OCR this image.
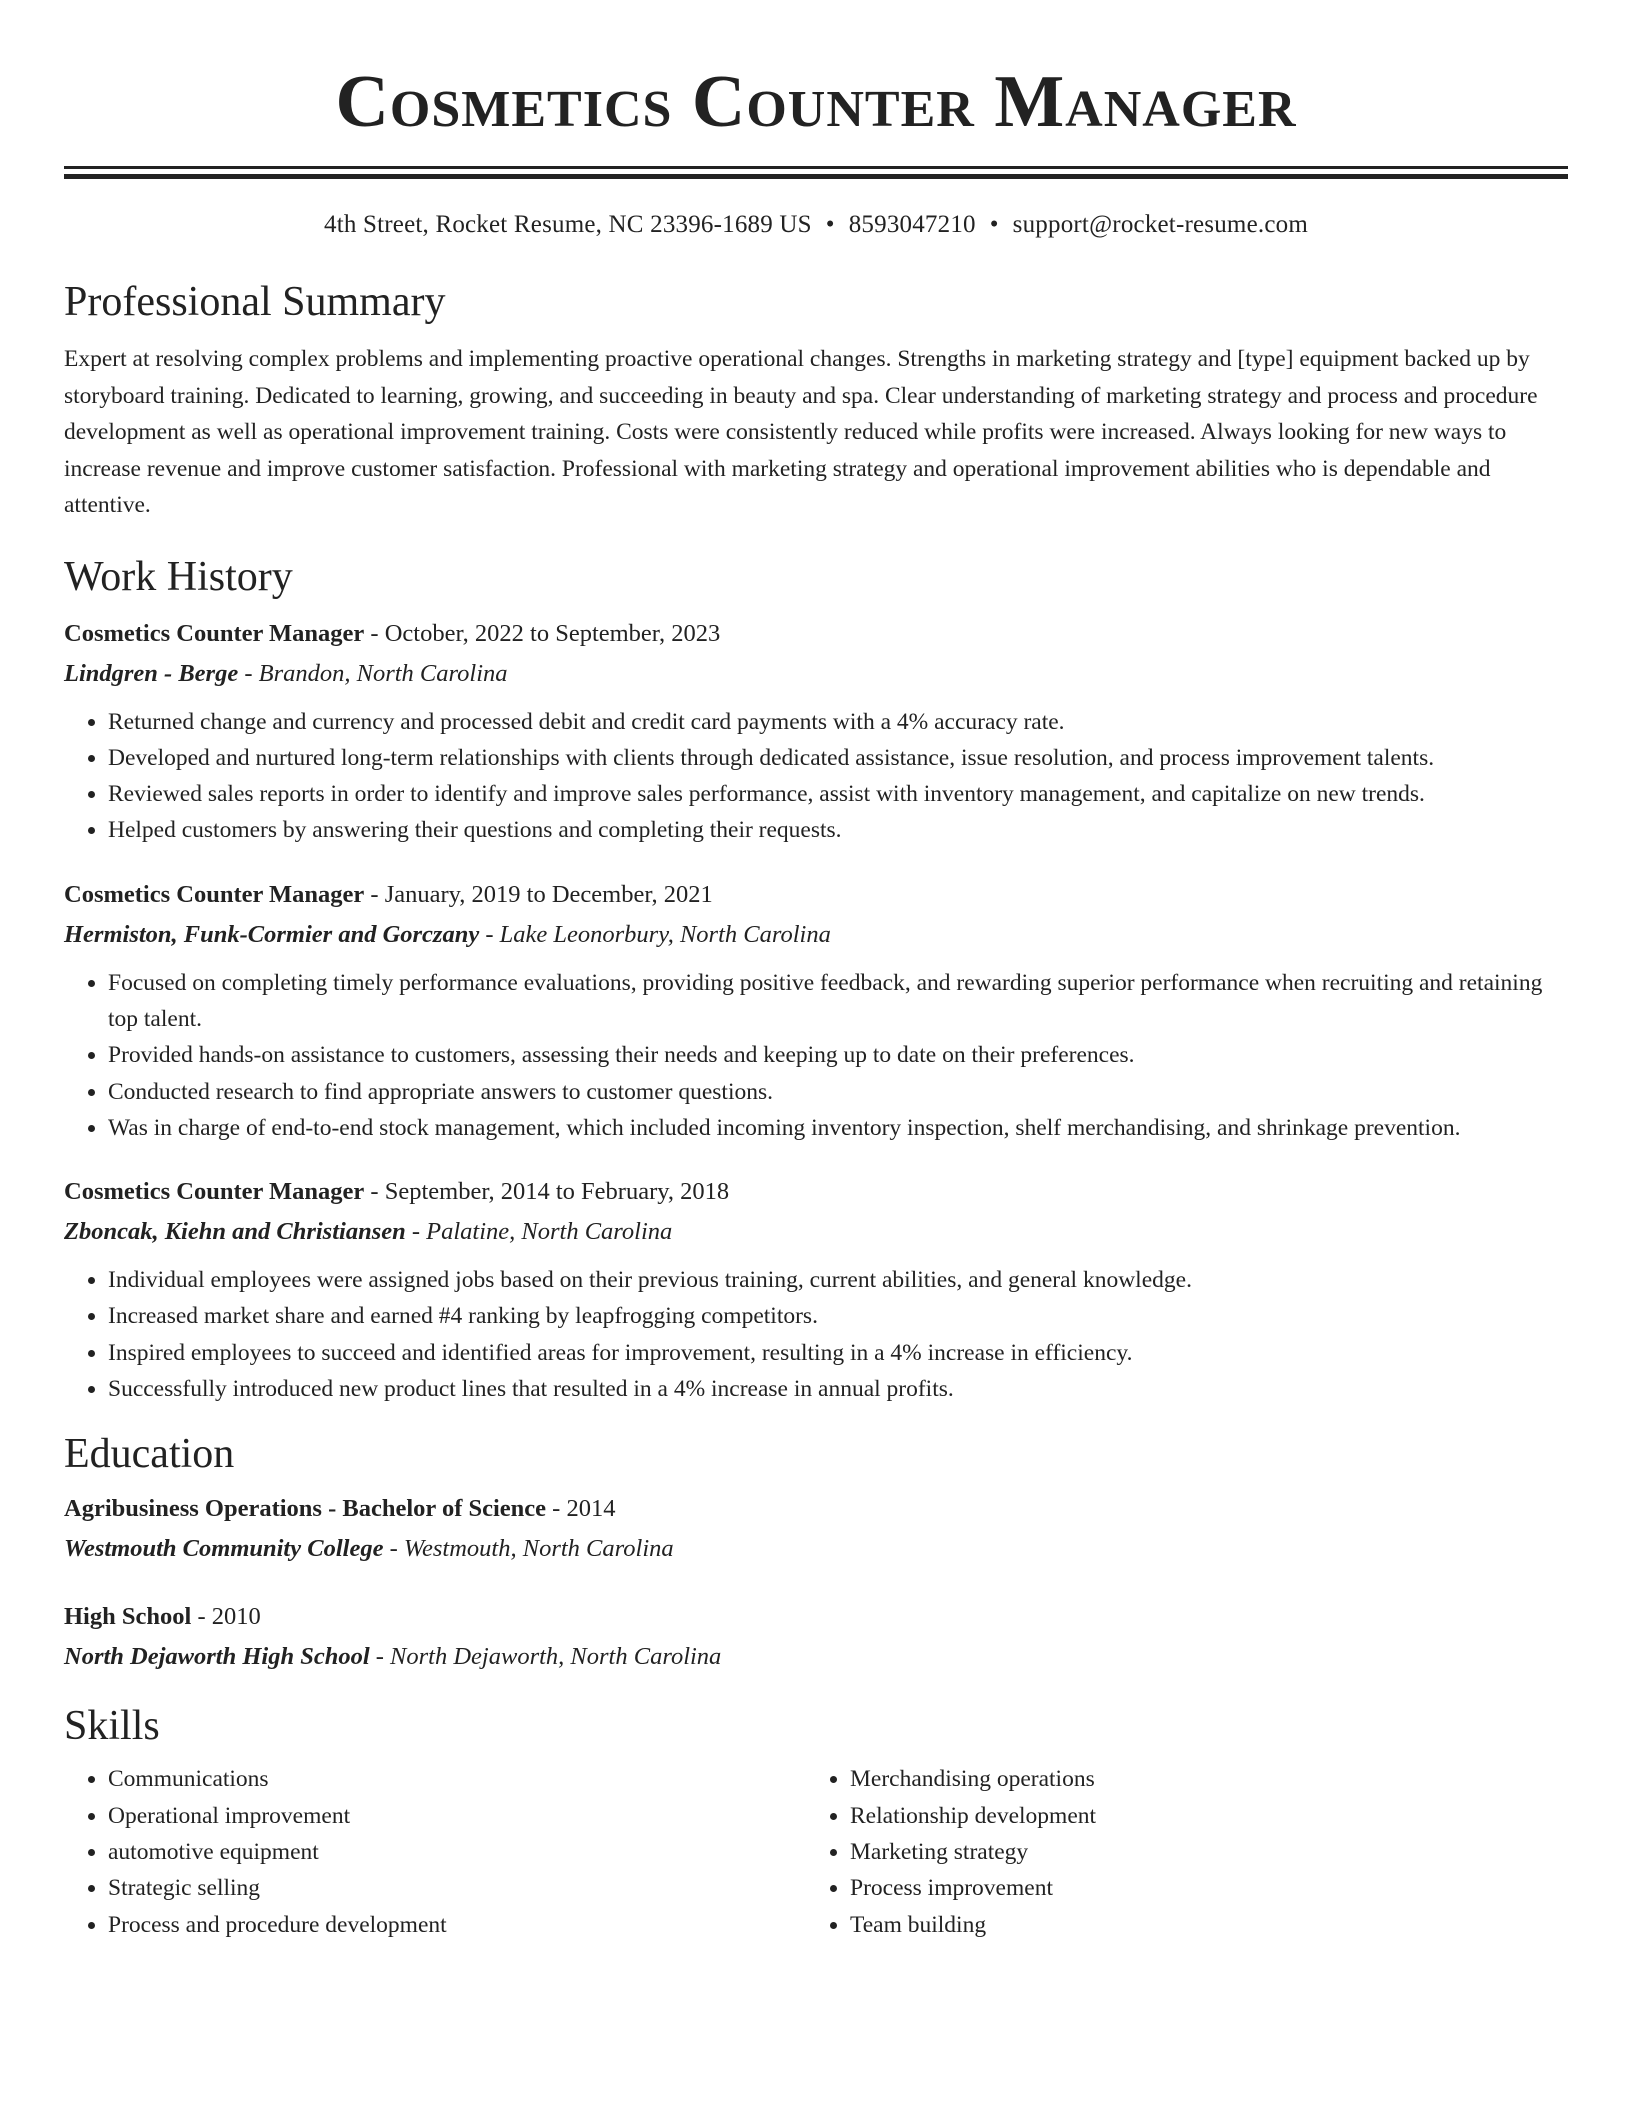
Cosmetics Counter Manager
4th Street, Rocket Resume, NC 23396-1689 US • 8593047210 • support@rocket-resume.com
Professional Summary
Expert at resolving complex problems and implementing proactive operational changes. Strengths in marketing strategy and [type] equipment backed up by storyboard training. Dedicated to learning, growing, and succeeding in beauty and spa. Clear understanding of marketing strategy and process and procedure development as well as operational improvement training. Costs were consistently reduced while profits were increased. Always looking for new ways to increase revenue and improve customer satisfaction. Professional with marketing strategy and operational improvement abilities who is dependable and attentive.
Work History
Cosmetics Counter Manager - October, 2022 to September, 2023
Lindgren - Berge - Brandon, North Carolina
• Returned change and currency and processed debit and credit card payments with a 4% accuracy rate.
• Developed and nurtured long-term relationships with clients through dedicated assistance, issue resolution, and process improvement talents.
• Reviewed sales reports in order to identify and improve sales performance, assist with inventory management, and capitalize on new trends.
• Helped customers by answering their questions and completing their requests.
Cosmetics Counter Manager - January, 2019 to December, 2021
Hermiston, Funk-Cormier and Gorczany - Lake Leonorbury, North Carolina
• Focused on completing timely performance evaluations, providing positive feedback, and rewarding superior performance when recruiting and retaining top talent.
• Provided hands-on assistance to customers, assessing their needs and keeping up to date on their preferences.
• Conducted research to find appropriate answers to customer questions.
• Was in charge of end-to-end stock management, which included incoming inventory inspection, shelf merchandising, and shrinkage prevention.
Cosmetics Counter Manager - September, 2014 to February, 2018
Zboncak, Kiehn and Christiansen - Palatine, North Carolina
• Individual employees were assigned jobs based on their previous training, current abilities, and general knowledge.
• Increased market share and earned #4 ranking by leapfrogging competitors.
• Inspired employees to succeed and identified areas for improvement, resulting in a 4% increase in efficiency.
• Successfully introduced new product lines that resulted in a 4% increase in annual profits.
Education
Agribusiness Operations - Bachelor of Science - 2014
Westmouth Community College - Westmouth, North Carolina
High School - 2010
North Dejaworth High School - North Dejaworth, North Carolina
Skills
• Communications
• Operational improvement
• automotive equipment
• Strategic selling
• Process and procedure development
• Merchandising operations
• Relationship development
• Marketing strategy
• Process improvement
• Team building
